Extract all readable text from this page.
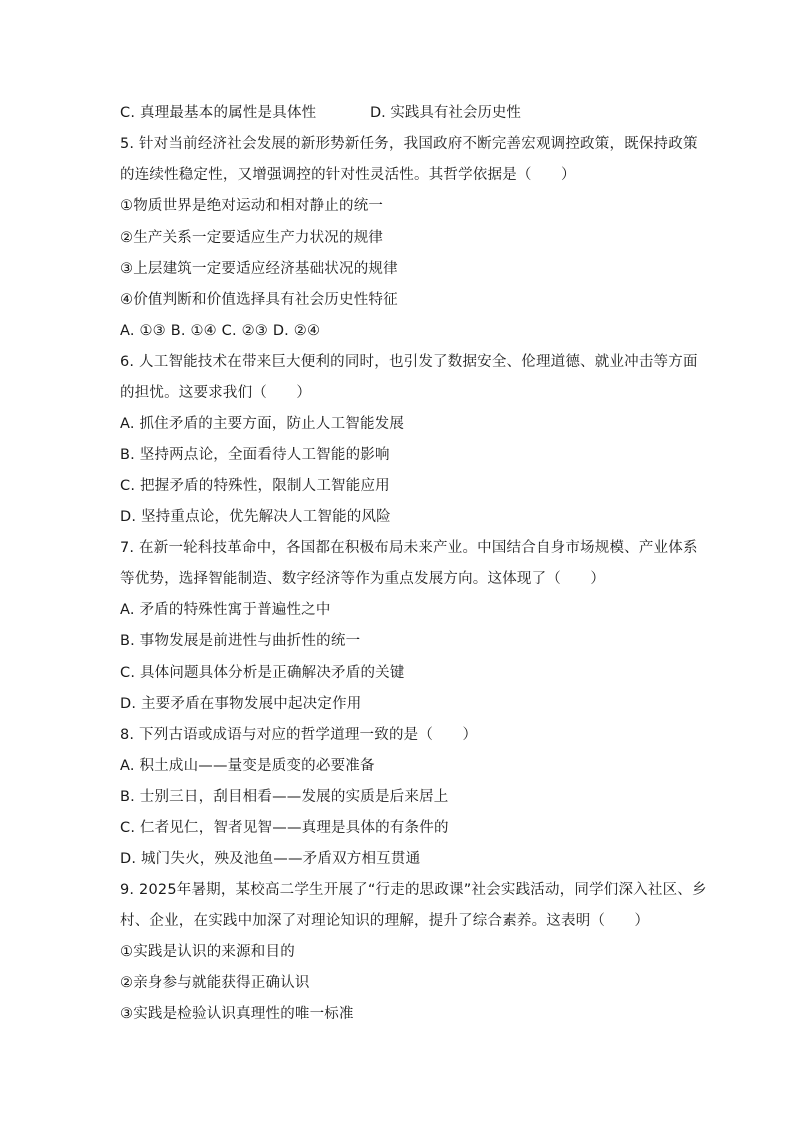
C. 真理最基本的属性是具体性	D. 实践具有社会历史性
5. 针对当前经济社会发展的新形势新任务，我国政府不断完善宏观调控政策，既保持政策
的连续性稳定性，又增强调控的针对性灵活性。其哲学依据是（　　）
①物质世界是绝对运动和相对静止的统一
②生产关系一定要适应生产力状况的规律
③上层建筑一定要适应经济基础状况的规律
④价值判断和价值选择具有社会历史性特征
A. ①③ B. ①④ C. ②③ D. ②④
6. 人工智能技术在带来巨大便利的同时，也引发了数据安全、伦理道德、就业冲击等方面
的担忧。这要求我们（　　）
A. 抓住矛盾的主要方面，防止人工智能发展
B. 坚持两点论，全面看待人工智能的影响
C. 把握矛盾的特殊性，限制人工智能应用
D. 坚持重点论，优先解决人工智能的风险
7. 在新一轮科技革命中，各国都在积极布局未来产业。中国结合自身市场规模、产业体系
等优势，选择智能制造、数字经济等作为重点发展方向。这体现了（　　）
A. 矛盾的特殊性寓于普遍性之中
B. 事物发展是前进性与曲折性的统一
C. 具体问题具体分析是正确解决矛盾的关键
D. 主要矛盾在事物发展中起决定作用
8. 下列古语或成语与对应的哲学道理一致的是（　　）
A. 积土成山——量变是质变的必要准备
B. 士别三日，刮目相看——发展的实质是后来居上
C. 仁者见仁，智者见智——真理是具体的有条件的
D. 城门失火，殃及池鱼——矛盾双方相互贯通
9. 2025年暑期，某校高二学生开展了“行走的思政课”社会实践活动，同学们深入社区、乡
村、企业，在实践中加深了对理论知识的理解，提升了综合素养。这表明（　　）
①实践是认识的来源和目的
②亲身参与就能获得正确认识
③实践是检验认识真理性的唯一标准
